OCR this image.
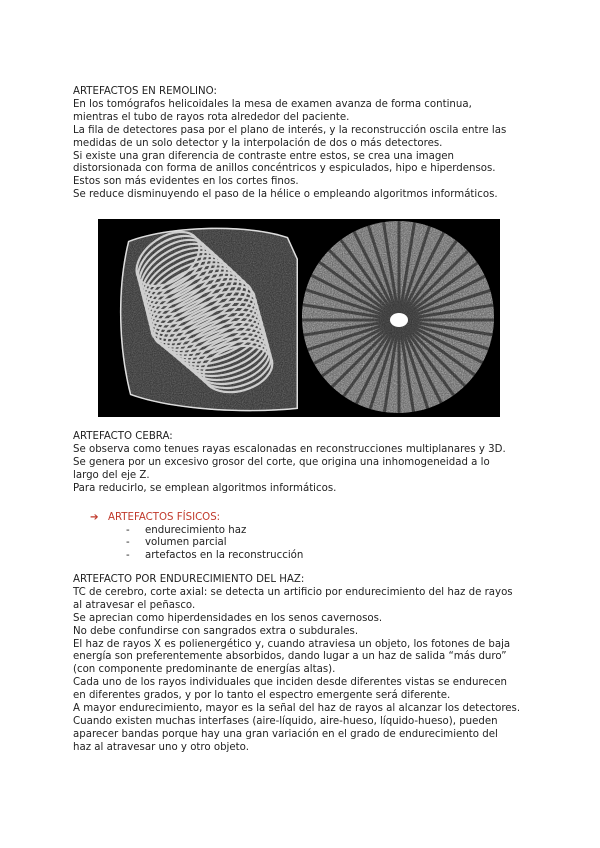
ARTEFACTOS EN REMOLINO:

En los tomógrafos helicoidales la mesa de examen avanza de forma continua,

mientras el tubo de rayos rota alrededor del paciente.

La fila de detectores pasa por el plano de interés, y la reconstrucción oscila entre las

medidas de un solo detector y la interpolación de dos o más detectores.

Si existe una gran diferencia de contraste entre estos, se crea una imagen

distorsionada con forma de anillos concéntricos y espiculados, hipo e hiperdensos.

Estos son más evidentes en los cortes finos.

Se reduce disminuyendo el paso de la hélice o empleando algoritmos informáticos.

ARTEFACTO CEBRA:

Se observa como tenues rayas escalonadas en reconstrucciones multiplanares y 3D.

Se genera por un excesivo grosor del corte, que origina una inhomogeneidad a lo

largo del eje Z.

Para reducirlo, se emplean algoritmos informáticos.

➔ ARTEFACTOS FÍSICOS:
- endurecimiento haz
- volumen parcial
- artefactos en la reconstrucción

ARTEFACTO POR ENDURECIMIENTO DEL HAZ:

TC de cerebro, corte axial: se detecta un artificio por endurecimiento del haz de rayos

al atravesar el peñasco.

Se aprecian como hiperdensidades en los senos cavernosos.

No debe confundirse con sangrados extra o subdurales.

El haz de rayos X es polienergético y, cuando atraviesa un objeto, los fotones de baja

energía son preferentemente absorbidos, dando lugar a un haz de salida “más duro”

(con componente predominante de energías altas).

Cada uno de los rayos individuales que inciden desde diferentes vistas se endurecen

en diferentes grados, y por lo tanto el espectro emergente será diferente.

A mayor endurecimiento, mayor es la señal del haz de rayos al alcanzar los detectores.

Cuando existen muchas interfases (aire-líquido, aire-hueso, líquido-hueso), pueden

aparecer bandas porque hay una gran variación en el grado de endurecimiento del

haz al atravesar uno y otro objeto.
